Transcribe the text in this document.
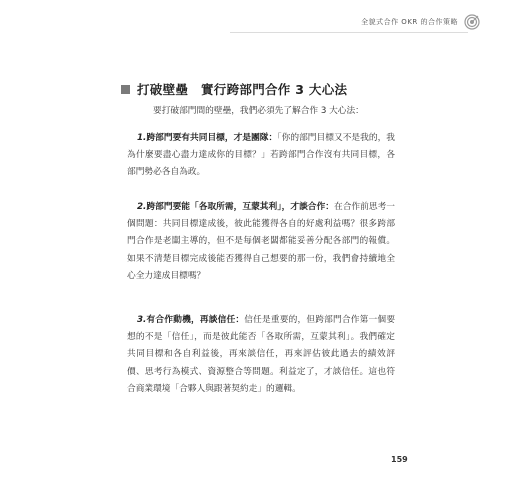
全貌式合作 OKR 的合作策略
打破壁壘　實行跨部門合作 3 大心法

要打破部門間的壁壘，我們必須先了解合作 3 大心法：

1.跨部門要有共同目標，才是團隊：「你的部門目標又不是我的，我為什麼要盡心盡力達成你的目標？」若跨部門合作沒有共同目標，各部門勢必各自為政。

2.跨部門要能「各取所需，互蒙其利」，才談合作：在合作前思考一個問題：共同目標達成後，彼此能獲得各自的好處利益嗎？很多跨部門合作是老闆主導的，但不是每個老闆都能妥善分配各部門的報償。如果不清楚目標完成後能否獲得自己想要的那一份，我們會持續地全心全力達成目標嗎？

3.有合作動機，再談信任：信任是重要的，但跨部門合作第一個要想的不是「信任」，而是彼此能否「各取所需，互蒙其利」。我們確定共同目標和各自利益後，再來談信任，再來評估彼此過去的績效評價、思考行為模式、資源整合等問題。利益定了，才談信任。這也符合商業環境「合夥人與跟著契約走」的邏輯。

159
